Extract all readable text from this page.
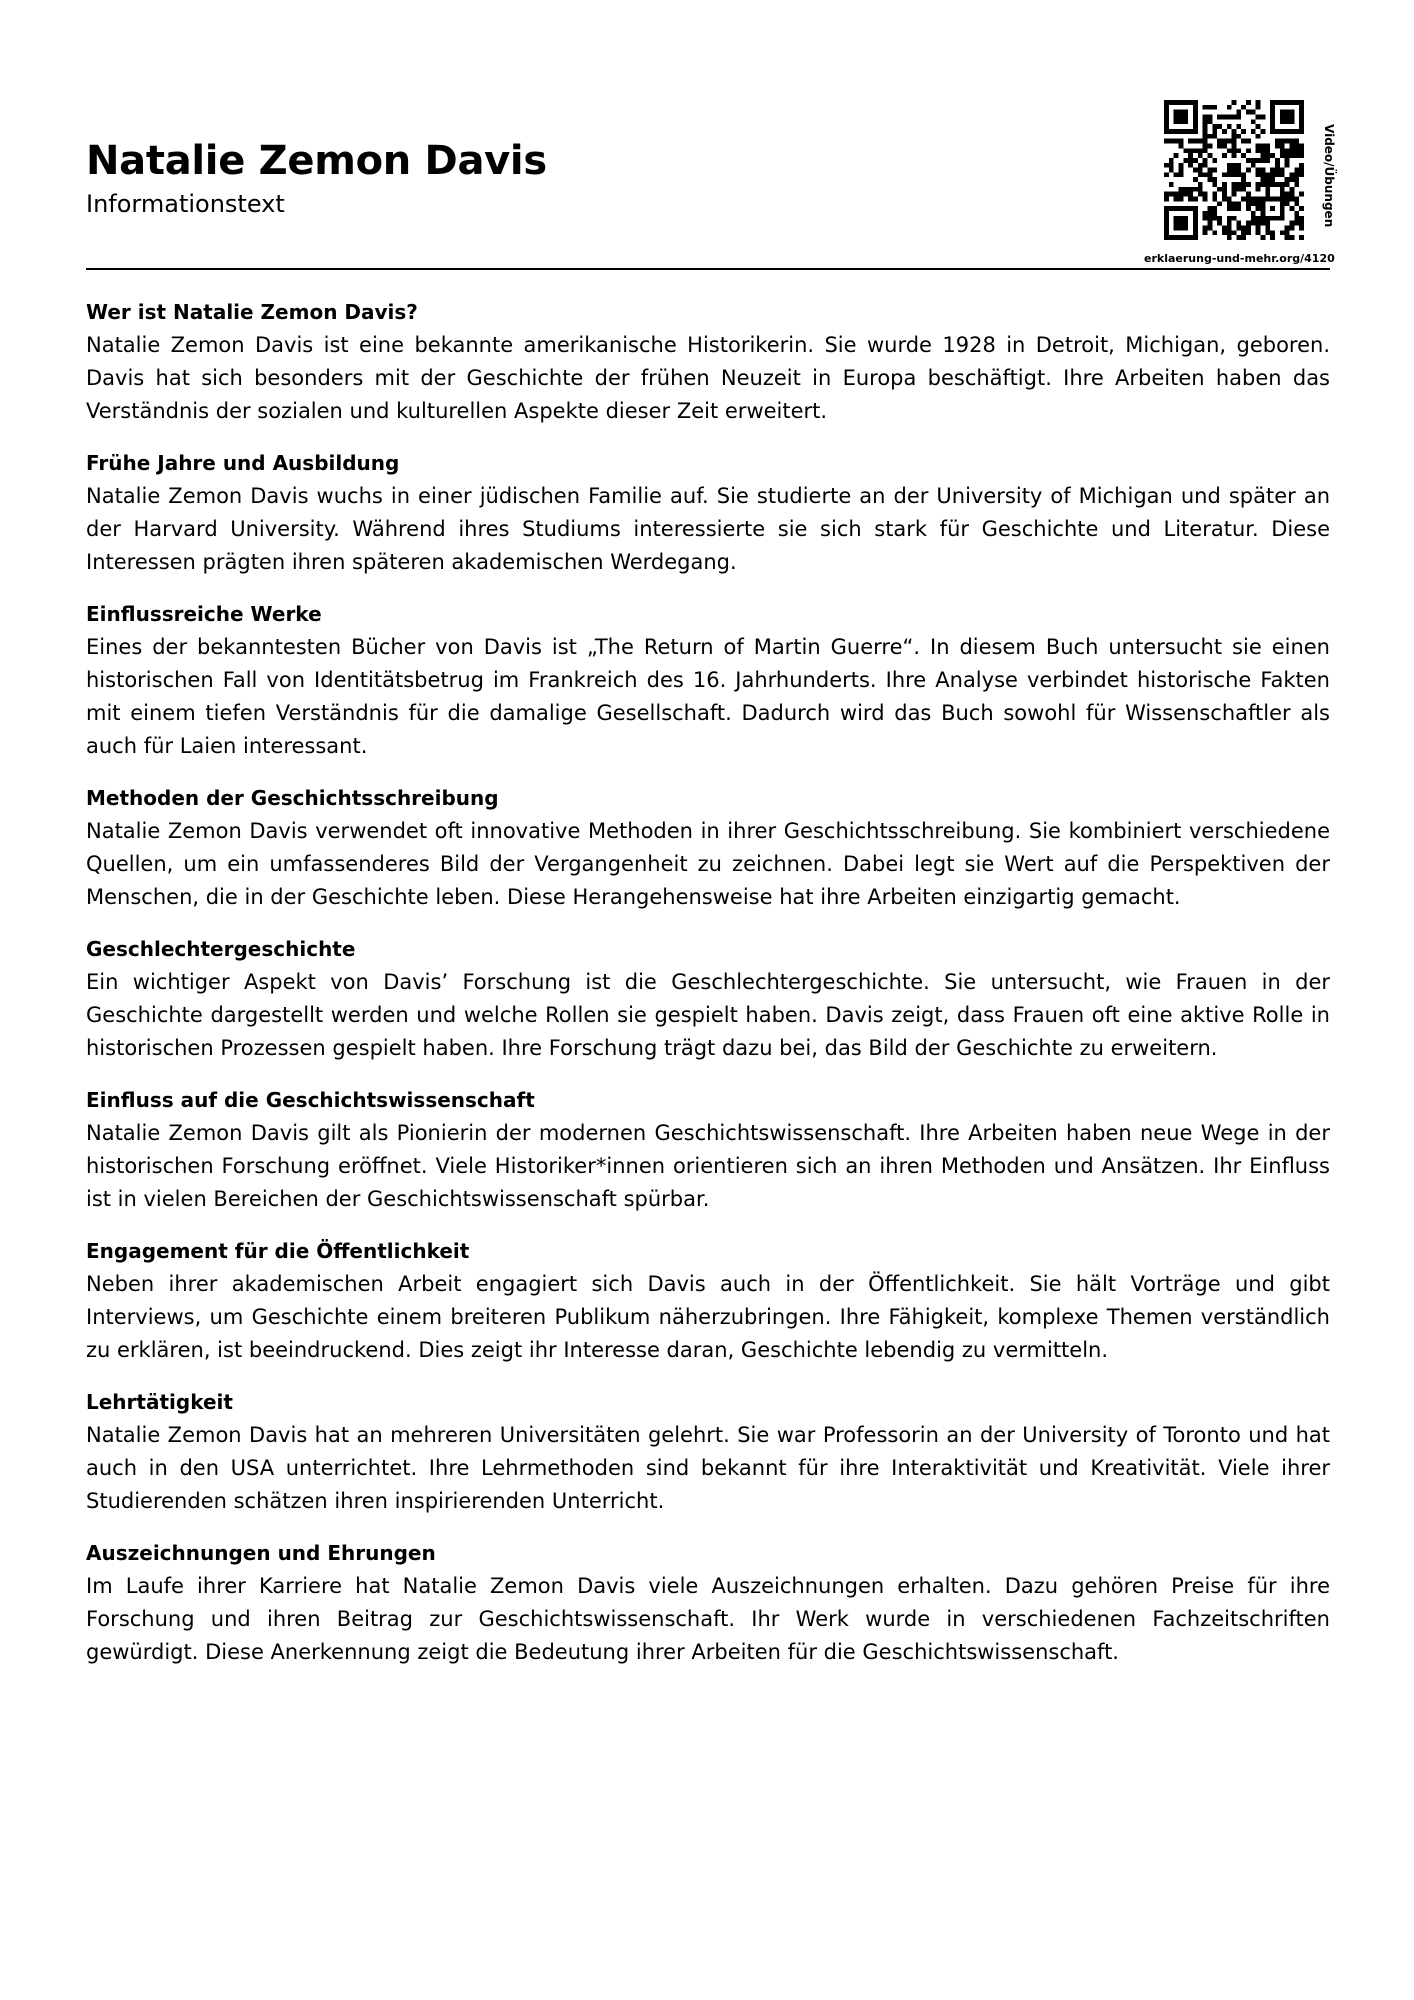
Natalie Zemon Davis

Informationstext	Video/Übungen
erklaerung-und-mehr.org/4120
Wer ist Natalie Zemon Davis?

Natalie Zemon Davis ist eine bekannte amerikanische Historikerin. Sie wurde 1928 in Detroit, Michigan, geboren. Davis hat sich besonders mit der Geschichte der frühen Neuzeit in Europa beschäftigt. Ihre Arbeiten haben das Verständnis der sozialen und kulturellen Aspekte dieser Zeit erweitert.

Frühe Jahre und Ausbildung

Natalie Zemon Davis wuchs in einer jüdischen Familie auf. Sie studierte an der University of Michigan und später an der Harvard University. Während ihres Studiums interessierte sie sich stark für Geschichte und Literatur. Diese Interessen prägten ihren späteren akademischen Werdegang.

Einflussreiche Werke

Eines der bekanntesten Bücher von Davis ist „The Return of Martin Guerre“. In diesem Buch untersucht sie einen historischen Fall von Identitätsbetrug im Frankreich des 16. Jahrhunderts. Ihre Analyse verbindet historische Fakten mit einem tiefen Verständnis für die damalige Gesellschaft. Dadurch wird das Buch sowohl für Wissenschaftler als auch für Laien interessant.

Methoden der Geschichtsschreibung

Natalie Zemon Davis verwendet oft innovative Methoden in ihrer Geschichtsschreibung. Sie kombiniert verschiedene Quellen, um ein umfassenderes Bild der Vergangenheit zu zeichnen. Dabei legt sie Wert auf die Perspektiven der Menschen, die in der Geschichte leben. Diese Herangehensweise hat ihre Arbeiten einzigartig gemacht.

Geschlechtergeschichte

Ein wichtiger Aspekt von Davis’ Forschung ist die Geschlechtergeschichte. Sie untersucht, wie Frauen in der Geschichte dargestellt werden und welche Rollen sie gespielt haben. Davis zeigt, dass Frauen oft eine aktive Rolle in historischen Prozessen gespielt haben. Ihre Forschung trägt dazu bei, das Bild der Geschichte zu erweitern.

Einfluss auf die Geschichtswissenschaft

Natalie Zemon Davis gilt als Pionierin der modernen Geschichtswissenschaft. Ihre Arbeiten haben neue Wege in der historischen Forschung eröffnet. Viele Historiker*innen orientieren sich an ihren Methoden und Ansätzen. Ihr Einfluss ist in vielen Bereichen der Geschichtswissenschaft spürbar.

Engagement für die Öffentlichkeit

Neben ihrer akademischen Arbeit engagiert sich Davis auch in der Öffentlichkeit. Sie hält Vorträge und gibt Interviews, um Geschichte einem breiteren Publikum näherzubringen. Ihre Fähigkeit, komplexe Themen verständlich zu erklären, ist beeindruckend. Dies zeigt ihr Interesse daran, Geschichte lebendig zu vermitteln.

Lehrtätigkeit

Natalie Zemon Davis hat an mehreren Universitäten gelehrt. Sie war Professorin an der University of Toronto und hat auch in den USA unterrichtet. Ihre Lehrmethoden sind bekannt für ihre Interaktivität und Kreativität. Viele ihrer Studierenden schätzen ihren inspirierenden Unterricht.

Auszeichnungen und Ehrungen

Im Laufe ihrer Karriere hat Natalie Zemon Davis viele Auszeichnungen erhalten. Dazu gehören Preise für ihre Forschung und ihren Beitrag zur Geschichtswissenschaft. Ihr Werk wurde in verschiedenen Fachzeitschriften gewürdigt. Diese Anerkennung zeigt die Bedeutung ihrer Arbeiten für die Geschichtswissenschaft.
